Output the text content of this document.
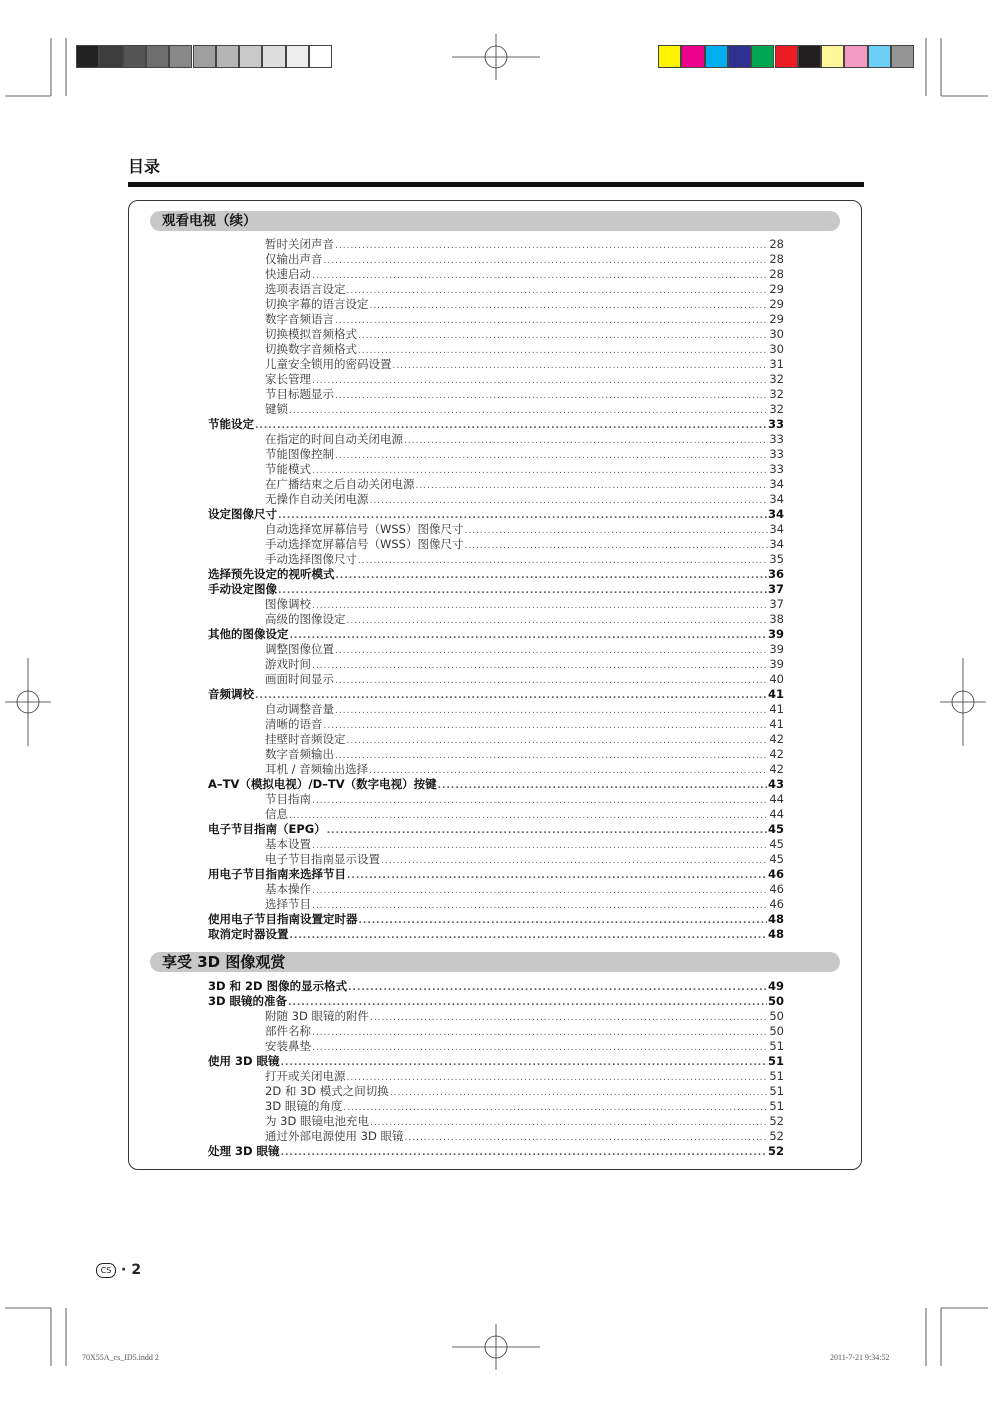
目录
观看电视（续）
暂时关闭声音 .....	28
仅输出声音 .....	28
快速启动 .....	28
选项表语言设定 .....	29
切换字幕的语言设定 .....	29
数字音频语言 .....	29
切换模拟音频格式 .....	30
切换数字音频格式 .....	30
儿童安全锁用的密码设置 .....	31
家长管理 .....	32
节目标题显示 .....	32
键锁 .....	32
节能设定 .....	33
在指定的时间自动关闭电源 .....	33
节能图像控制 .....	33
节能模式 .....	33
在广播结束之后自动关闭电源 .....	34
无操作自动关闭电源 .....	34
设定图像尺寸 .....	34
自动选择宽屏幕信号（WSS）图像尺寸 .....	34
手动选择宽屏幕信号（WSS）图像尺寸 .....	34
手动选择图像尺寸 .....	35
选择预先设定的视听模式 .....	36
手动设定图像 .....	37
图像调校 .....	37
高级的图像设定 .....	38
其他的图像设定 .....	39
调整图像位置 .....	39
游戏时间 .....	39
画面时间显示 .....	40
音频调校 .....	41
自动调整音量 .....	41
清晰的语音 .....	41
挂壁时音频设定 .....	42
数字音频输出 .....	42
耳机 / 音频输出选择 .....	42
A–TV（模拟电视）/D–TV（数字电视）按键 .....	43
节目指南 .....	44
信息 .....	44
电子节目指南（EPG） .....	45
基本设置 .....	45
电子节目指南显示设置 .....	45
用电子节目指南来选择节目 .....	46
基本操作 .....	46
选择节目 .....	46
使用电子节目指南设置定时器 .....	48
取消定时器设置 .....	48
享受 3D 图像观赏
3D 和 2D 图像的显示格式 .....	49
3D 眼镜的准备 .....	50
附随 3D 眼镜的附件 .....	50
部件名称 .....	50
安装鼻垫 .....	51
使用 3D 眼镜 .....	51
打开或关闭电源 .....	51
2D 和 3D 模式之间切换 .....	51
3D 眼镜的角度 .....	51
为 3D 眼镜电池充电 .....	52
通过外部电源使用 3D 眼镜 .....	52
处理 3D 眼镜 .....	52
CS · 2
70X55A_cs_ID5.indd 2	2011-7-21 9:34:52
